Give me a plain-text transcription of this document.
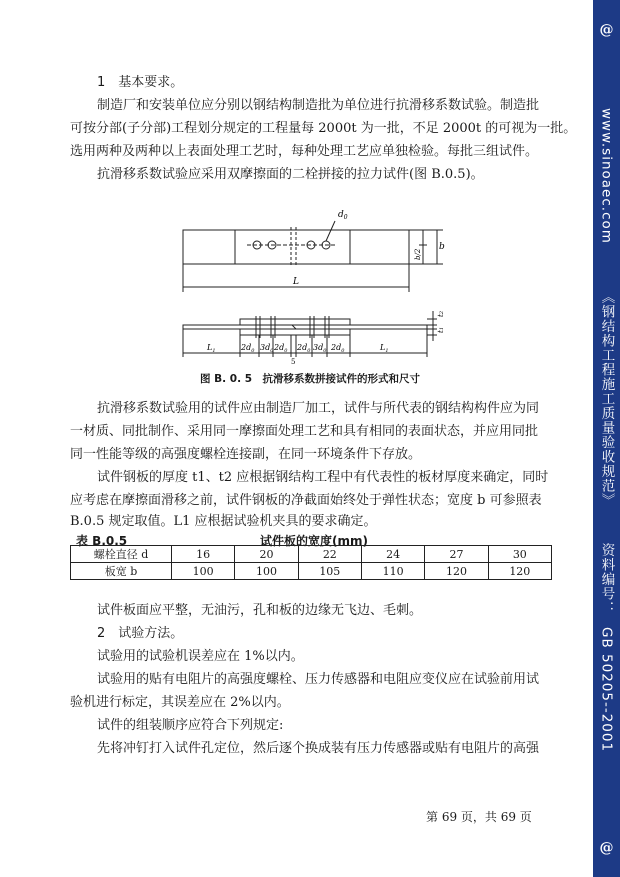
@
www.sinoaec.com
《钢结构工程施工质量验收规范》
资料编号：
GB 50205--2001
@
1　基本要求。
制造厂和安装单位应分别以钢结构制造批为单位进行抗滑移系数试验。制造批
可按分部(子分部)工程划分规定的工程量每 2000t 为一批，不足 2000t 的可视为一批。
选用两种及两种以上表面处理工艺时，每种处理工艺应单独检验。每批三组试件。
抗滑移系数试验应采用双摩擦面的二栓拼接的拉力试件(图 B.0.5)。
$d_0$
b
b/2
L
t2
t1
$L_1$	$2d_0$ $3d_0$ $2d_0$ $2d_0$ $3d_0$ $2d_0$	$L_1$
5
图 B. 0. 5　抗滑移系数拼接试件的形式和尺寸
抗滑移系数试验用的试件应由制造厂加工，试件与所代表的钢结构构件应为同
一材质、同批制作、采用同一摩擦面处理工艺和具有相同的表面状态，并应用同批
同一性能等级的高强度螺栓连接副，在同一环境条件下存放。
试件钢板的厚度 t1、t2 应根据钢结构工程中有代表性的板材厚度来确定，同时
应考虑在摩擦面滑移之前，试件钢板的净截面始终处于弹性状态；宽度 b 可参照表
B.0.5 规定取值。L1 应根据试验机夹具的要求确定。
表 B.0.5	试件板的宽度(mm)
螺栓直径 d	16	20	22	24	27	30
板宽 b	100	100	105	110	120	120
试件板面应平整，无油污，孔和板的边缘无飞边、毛刺。
2　试验方法。
试验用的试验机误差应在 1%以内。
试验用的贴有电阻片的高强度螺栓、压力传感器和电阻应变仪应在试验前用试
验机进行标定，其误差应在 2%以内。
试件的组装顺序应符合下列规定:
先将冲钉打入试件孔定位，然后逐个换成装有压力传感器或贴有电阻片的高强
第 69 页，共 69 页
